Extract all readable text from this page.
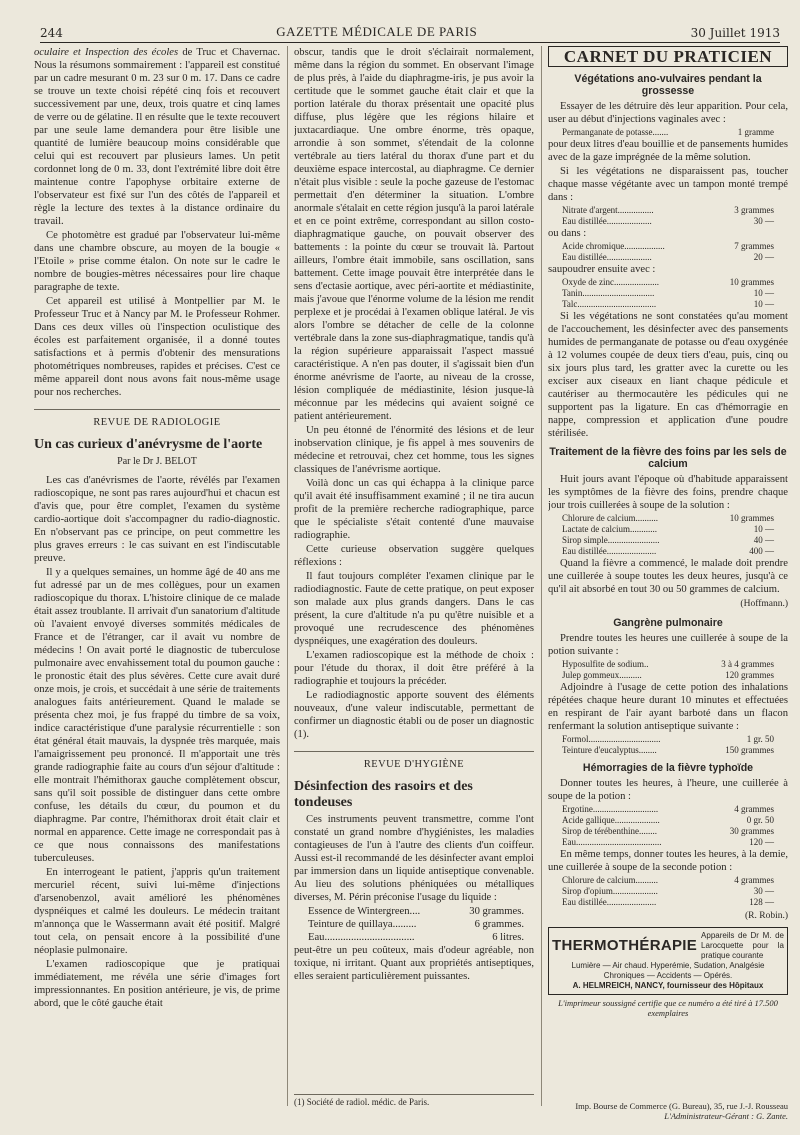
244	GAZETTE MÉDICALE DE PARIS	30 Juillet 1913

oculaire et Inspection des écoles de Truc et Chavernac. Nous la résumons sommairement : l'appareil est constitué par un cadre mesurant 0 m. 23 sur 0 m. 17. Dans ce cadre se trouve un texte choisi répété cinq fois et recouvert successivement par une, deux, trois quatre et cinq lames de verre ou de gélatine. Il en résulte que le texte recouvert par une seule lame demandera pour être lisible une quantité de lumière beaucoup moins considérable que celui qui est recouvert par plusieurs lames. Un petit cordonnet long de 0 m. 33, dont l'extrémité libre doit être maintenue contre l'apophyse orbitaire externe de l'observateur est fixé sur l'un des côtés de l'appareil et règle la lecture des textes à la distance ordinaire du travail.

Ce photomètre est gradué par l'observateur lui-même dans une chambre obscure, au moyen de la bougie « l'Etoile » prise comme étalon. On note sur le cadre le nombre de bougies-mètres nécessaires pour lire chaque paragraphe de texte.

Cet appareil est utilisé à Montpellier par M. le Professeur Truc et à Nancy par M. le Professeur Rohmer. Dans ces deux villes où l'inspection oculistique des écoles est parfaitement organisée, il a donné toutes satisfactions et à permis d'obtenir des mensurations photométriques nombreuses, rapides et précises. C'est ce même appareil dont nous avons fait nous-même usage pour nos recherches.

REVUE DE RADIOLOGIE
Un cas curieux d'anévrysme de l'aorte
Par le Dr J. BELOT

Les cas d'anévrismes de l'aorte, révélés par l'examen radioscopique, ne sont pas rares aujourd'hui et chacun est d'avis que, pour être complet, l'examen du système cardio-aortique doit s'accompagner du radio-diagnostic. En n'observant pas ce principe, on peut commettre les plus graves erreurs : le cas suivant en est l'indiscutable preuve.

Il y a quelques semaines, un homme âgé de 40 ans me fut adressé par un de mes collègues, pour un examen radioscopique du thorax. L'histoire clinique de ce malade était assez troublante. Il arrivait d'un sanatorium d'altitude où l'avaient envoyé diverses sommités médicales de France et de l'étranger, car il avait vu nombre de médecins ! On avait porté le diagnostic de tuberculose pulmonaire avec envahissement total du poumon gauche : le pronostic était des plus sévères. Cette cure avait duré onze mois, je crois, et succédait à une série de traitements analogues faits antérieurement. Quand le malade se présenta chez moi, je fus frappé du timbre de sa voix, indice caractéristique d'une paralysie récurrentielle : son état général était mauvais, la dyspnée très marquée, mais l'amaigrissement peu prononcé. Il m'apportait une très grande radiographie faite au cours d'un séjour d'altitude : elle montrait l'hémithorax gauche complètement obscur, sans qu'il soit possible de distinguer dans cette ombre confuse, les détails du cœur, du poumon et du diaphragme. Par contre, l'hémithorax droit était clair et normal en apparence. Cette image ne correspondait pas à ce que nous connaissons des manifestations tuberculeuses.

En interrogeant le patient, j'appris qu'un traitement mercuriel récent, suivi lui-même d'injections d'arsenobenzol, avait amélioré les phénomènes dyspnéiques et calmé les douleurs. Le médecin traitant m'annonça que le Wassermann avait été positif. Malgré tout cela, on pensait encore à la possibilité d'une néoplasie pulmonaire.

L'examen radioscopique que je pratiquai immédiatement, me révéla une série d'images fort impressionnantes. En position antérieure, je vis, de prime abord, que le côté gauche était

obscur, tandis que le droit s'éclairait normalement, même dans la région du sommet. En observant l'image de plus près, à l'aide du diaphragme-iris, je pus avoir la certitude que le sommet gauche était clair et que la portion latérale du thorax présentait une opacité plus diffuse, plus légère que les régions hilaire et juxtacardiaque. Une ombre énorme, très opaque, arrondie à son sommet, s'étendait de la colonne vertébrale au tiers latéral du thorax d'une part et du deuxième espace intercostal, au diaphragme. Ce dernier n'était plus visible : seule la poche gazeuse de l'estomac permettait d'en déterminer la situation. L'ombre anormale s'étalait en cette région jusqu'à la paroi latérale et en ce point extrême, correspondant au sillon costo-diaphragmatique gauche, on pouvait observer des battements : la pointe du cœur se trouvait là. Partout ailleurs, l'ombre était immobile, sans oscillation, sans battement. Cette image pouvait être interprétée dans le sens d'ectasie aortique, avec péri-aortite et médiastinite, mais j'avoue que l'énorme volume de la lésion me rendit perplexe et je procédai à l'examen oblique latéral. Je vis alors l'ombre se détacher de celle de la colonne vertébrale dans la zone sus-diaphragmatique, tandis qu'à la région supérieure apparaissait l'aspect massué caractéristique. A n'en pas douter, il s'agissait bien d'un énorme anévrisme de l'aorte, au niveau de la crosse, lésion compliquée de médiastinite, lésion jusque-là méconnue par les médecins qui avaient soigné ce patient antérieurement.

Un peu étonné de l'énormité des lésions et de leur inobservation clinique, je fis appel à mes souvenirs de médecine et retrouvai, chez cet homme, tous les signes classiques de l'anévrisme aortique.

Voilà donc un cas qui échappa à la clinique parce qu'il avait été insuffisamment examiné ; il ne tira aucun profit de la première recherche radiographique, parce que le spécialiste s'était contenté d'une mauvaise radiographie.

Cette curieuse observation suggère quelques réflexions :

Il faut toujours compléter l'examen clinique par le radiodiagnostic. Faute de cette pratique, on peut exposer son malade aux plus grands dangers. Dans le cas présent, la cure d'altitude n'a pu qu'être nuisible et a provoqué une recrudescence des phénomènes dyspnéiques, une exagération des douleurs.

L'examen radioscopique est la méthode de choix : pour l'étude du thorax, il doit être préféré à la radiographie et toujours la précéder.

Le radiodiagnostic apporte souvent des éléments nouveaux, d'une valeur indiscutable, permettant de confirmer un diagnostic établi ou de poser un diagnostic (1).

REVUE D'HYGIÈNE
Désinfection des rasoirs et des tondeuses

Ces instruments peuvent transmettre, comme l'ont constaté un grand nombre d'hygiénistes, les maladies contagieuses de l'un à l'autre des clients d'un coiffeur. Aussi est-il recommandé de les désinfecter avant emploi par immersion dans un liquide antiseptique convenable. Au lieu des solutions phéniquées ou métalliques diverses, M. Périn préconise l'usage du liquide :

Essence de Wintergreen....	30 grammes.
Teinture de quillaya.........	6 grammes.
Eau..................................	6 litres.

peut-être un peu coûteux, mais d'odeur agréable, non toxique, ni irritant. Quant aux propriétés antiseptiques, elles seraient particulièrement puissantes.

(1) Société de radiol. médic. de Paris.
CARNET DU PRATICIEN
Végétations ano-vulvaires pendant la grossesse

Essayer de les détruire dès leur apparition. Pour cela, user au début d'injections vaginales avec :

Permanganate de potasse.......	1 gramme

pour deux litres d'eau bouillie et de pansements humides avec de la gaze imprégnée de la même solution.

Si les végétations ne disparaissent pas, toucher chaque masse végétante avec un tampon monté trempé dans :

Nitrate d'argent................	3 grammes
Eau distillée....................	30 —

ou dans :

Acide chromique..................	7 grammes
Eau distillée....................	20 —

saupoudrer ensuite avec :

Oxyde de zinc....................	10 grammes
Tanin................................	10 —
Talc...................................	10 —

Si les végétations ne sont constatées qu'au moment de l'accouchement, les désinfecter avec des pansements humides de permanganate de potasse ou d'eau oxygénée à 12 volumes coupée de deux tiers d'eau, puis, cinq ou six jours plus tard, les gratter avec la curette ou les exciser aux ciseaux en liant chaque pédicule et cautériser au thermocautère les pédicules qui ne supportent pas la ligature. En cas d'hémorragie en nappe, compression et application d'une poudre stérilisée.

Traitement de la fièvre des foins par les sels de calcium

Huit jours avant l'époque où d'habitude apparaissent les symptômes de la fièvre des foins, prendre chaque jour trois cuillerées à soupe de la solution :

Chlorure de calcium..........	10 grammes
Lactate de calcium............	10 —
Sirop simple.......................	40 —
Eau distillée......................	400 —

Quand la fièvre a commencé, le malade doit prendre une cuillerée à soupe toutes les deux heures, jusqu'à ce qu'il ait absorbé en tout 30 ou 50 grammes de calcium.

(Hoffmann.)
Gangrène pulmonaire

Prendre toutes les heures une cuillerée à soupe de la potion suivante :

Hyposulfite de sodium..	3 à 4 grammes
Julep gommeux..........	120 grammes

Adjoindre à l'usage de cette potion des inhalations répétées chaque heure durant 10 minutes et effectuées en respirant de l'air ayant barboté dans un flacon renfermant la solution antiseptique suivante :

Formol................................	1 gr. 50
Teinture d'eucalyptus........	150 grammes
Hémorragies de la fièvre typhoïde

Donner toutes les heures, à l'heure, une cuillerée à soupe de la potion :

Ergotine.............................	4 grammes
Acide gallique....................	0 gr. 50
Sirop de térébenthine........	30 grammes
Eau......................................	120 —

En même temps, donner toutes les heures, à la demie, une cuillerée à soupe de la seconde potion :

Chlorure de calcium..........	4 grammes
Sirop d'opium....................	30 —
Eau distillée......................	128 —
(R. Robin.)
THERMOTHÉRAPIE
Appareils de Dr M. de Larocquette pour la pratique courante
Lumière — Air chaud. Hyperémie, Sudation, Analgésie Chroniques — Accidents — Opérés.
A. HELMREICH, NANCY, fournisseur des Hôpitaux
L'imprimeur soussigné certifie que ce numéro a été tiré à 17.500 exemplaires
Imp. Bourse de Commerce (G. Bureau), 35, rue J.-J. Rousseau
L'Administrateur-Gérant : G. Zante.
